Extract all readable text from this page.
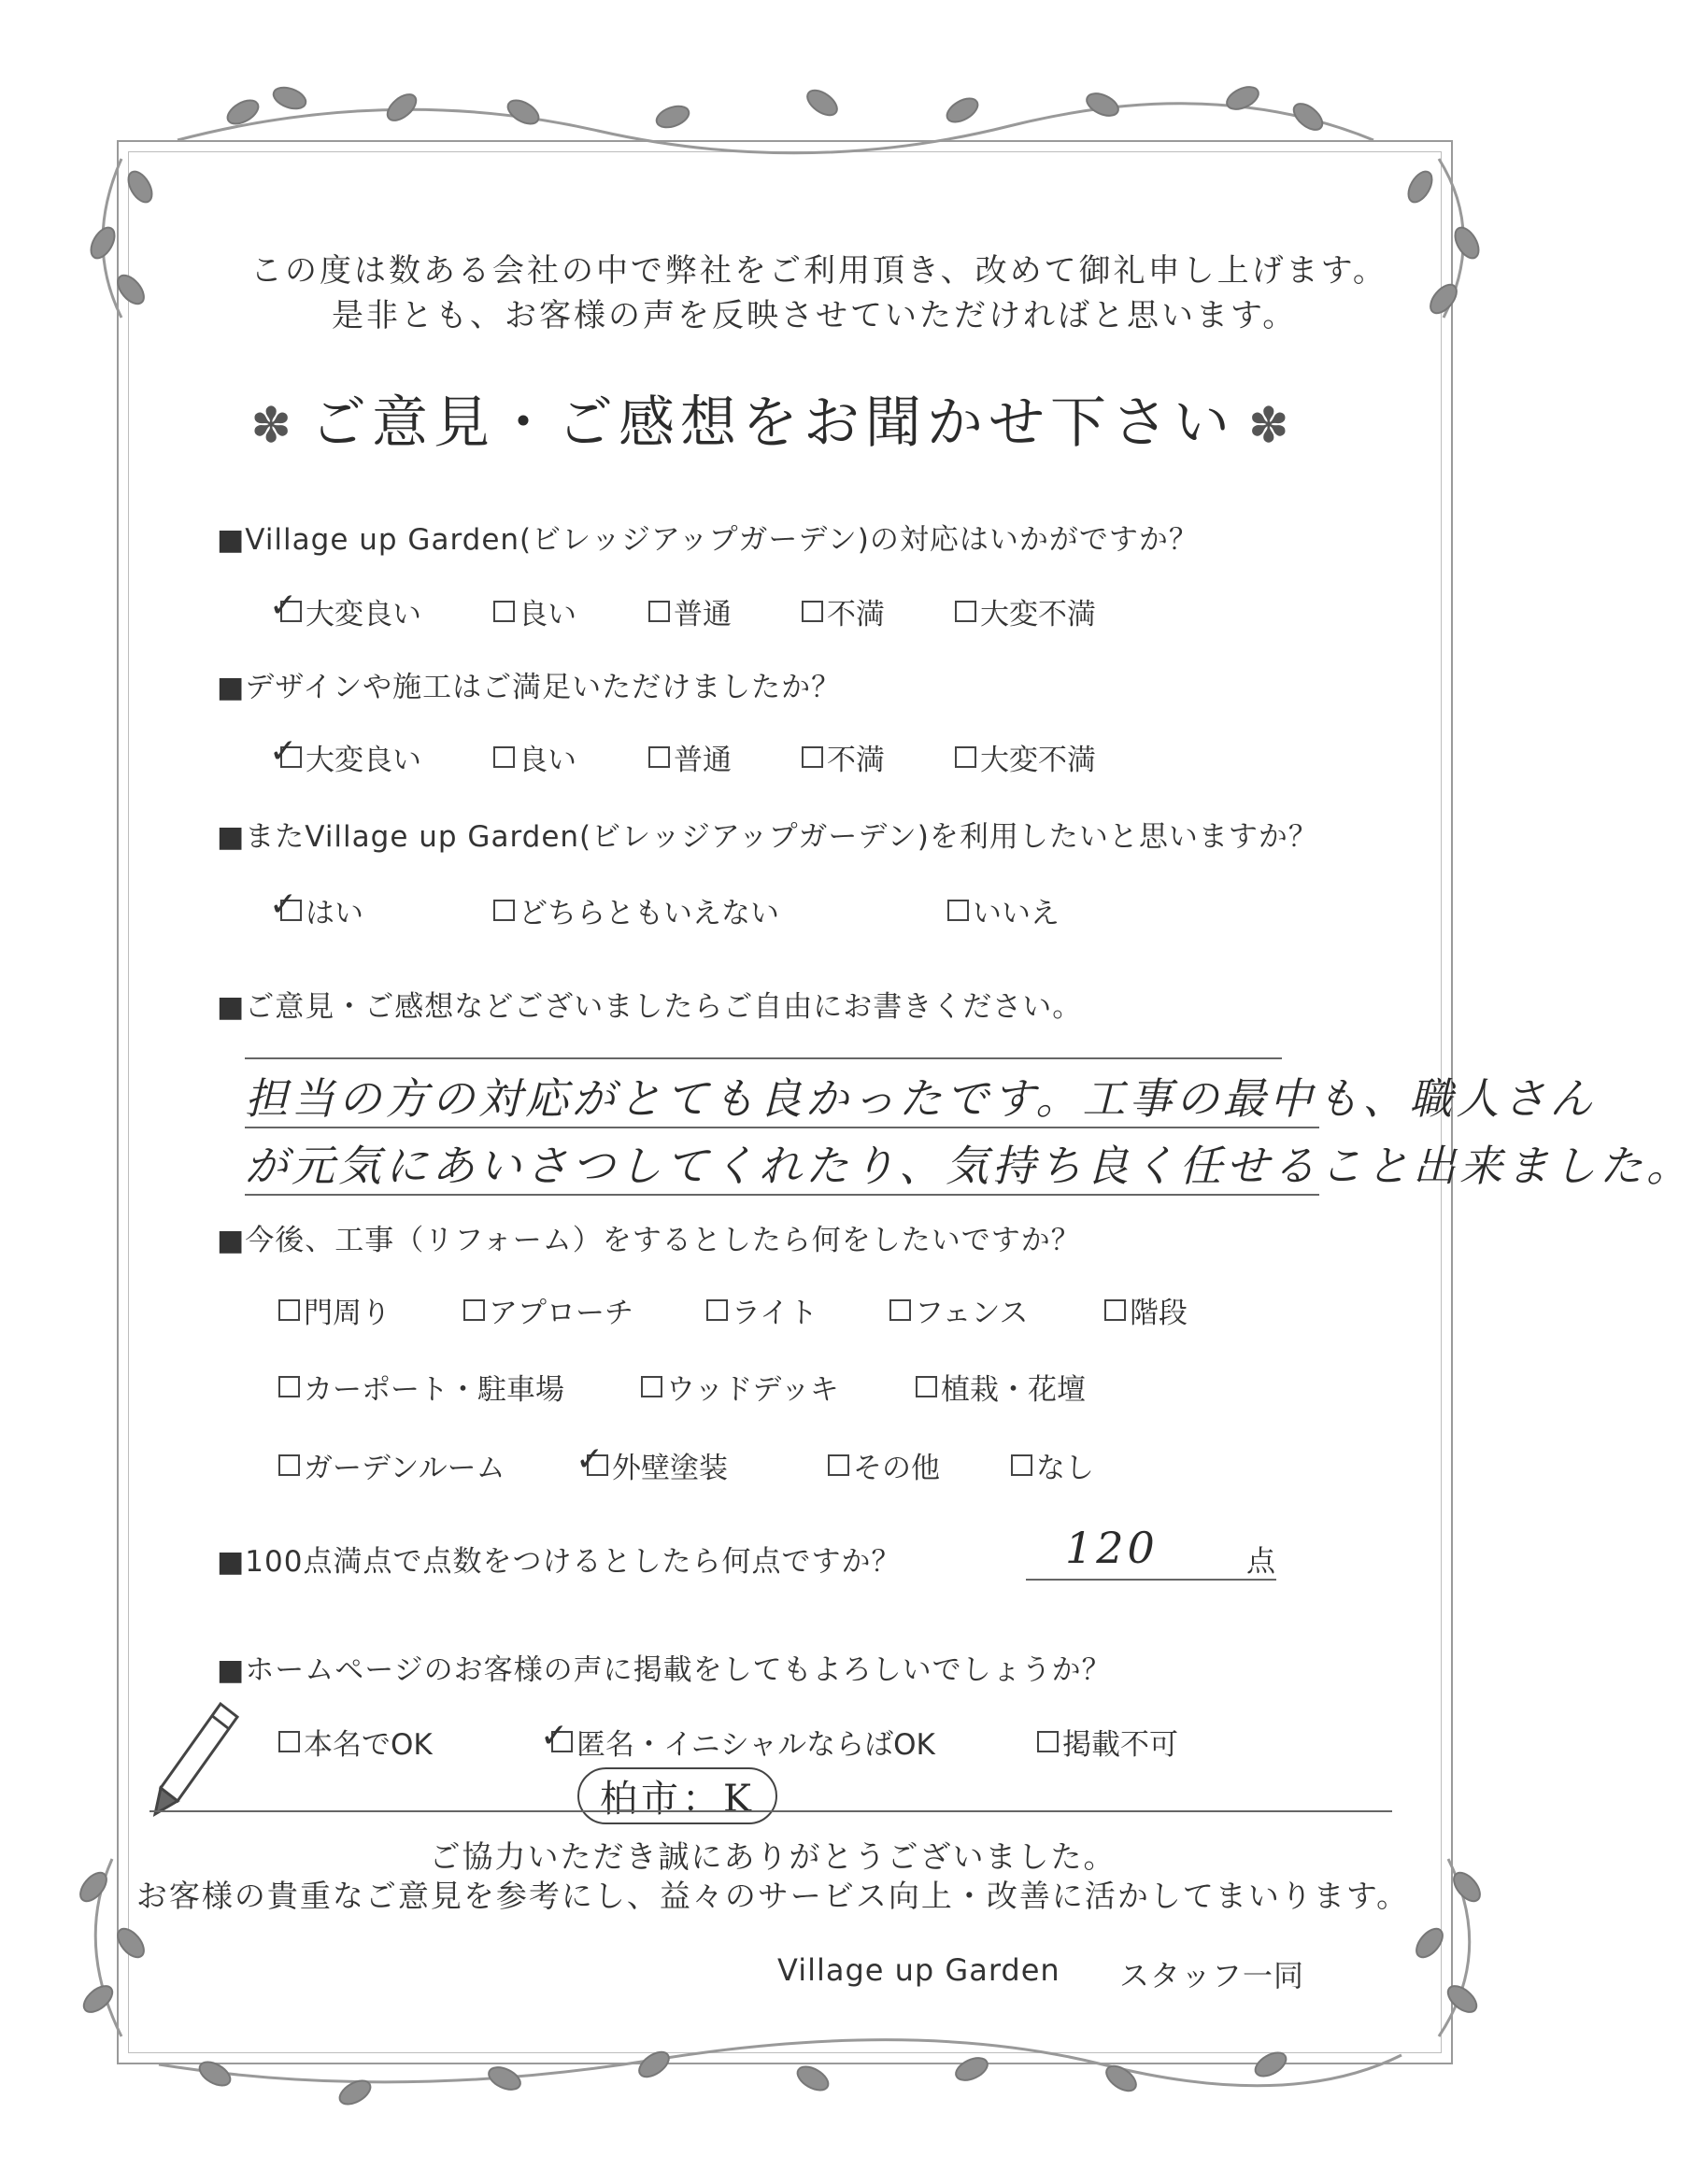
この度は数ある会社の中で弊社をご利用頂き、改めて御礼申し上げます。
是非とも、お客様の声を反映させていただければと思います。
✽ ご意見・ご感想をお聞かせ下さい ✽
■Village up Garden(ビレッジアップガーデン)の対応はいかがですか？
✓ 大変良い	良い	普通	不満	大変不満
■デザインや施工はご満足いただけましたか？
✓ 大変良い	良い	普通	不満	大変不満
■またVillage up Garden(ビレッジアップガーデン)を利用したいと思いますか？
✓ はい	どちらともいえない	いいえ
■ご意見・ご感想などございましたらご自由にお書きください。
担当の方の対応がとても良かったです。工事の最中も、職人さん
が元気にあいさつしてくれたり、気持ち良く任せること出来ました。
■今後、工事（リフォーム）をするとしたら何をしたいですか？
門周り	アプローチ	ライト	フェンス	階段
カーポート・駐車場	ウッドデッキ	植栽・花壇
ガーデンルーム ✓ 外壁塗装	その他	なし
■100点満点で点数をつけるとしたら何点ですか？	120	点
■ホームページのお客様の声に掲載をしてもよろしいでしょうか？
本名でOK	✓ 匿名・イニシャルならばOK	掲載不可
柏市：K
ご協力いただき誠にありがとうございました。
お客様の貴重なご意見を参考にし、益々のサービス向上・改善に活かしてまいります。
Village up Garden スタッフ一同
